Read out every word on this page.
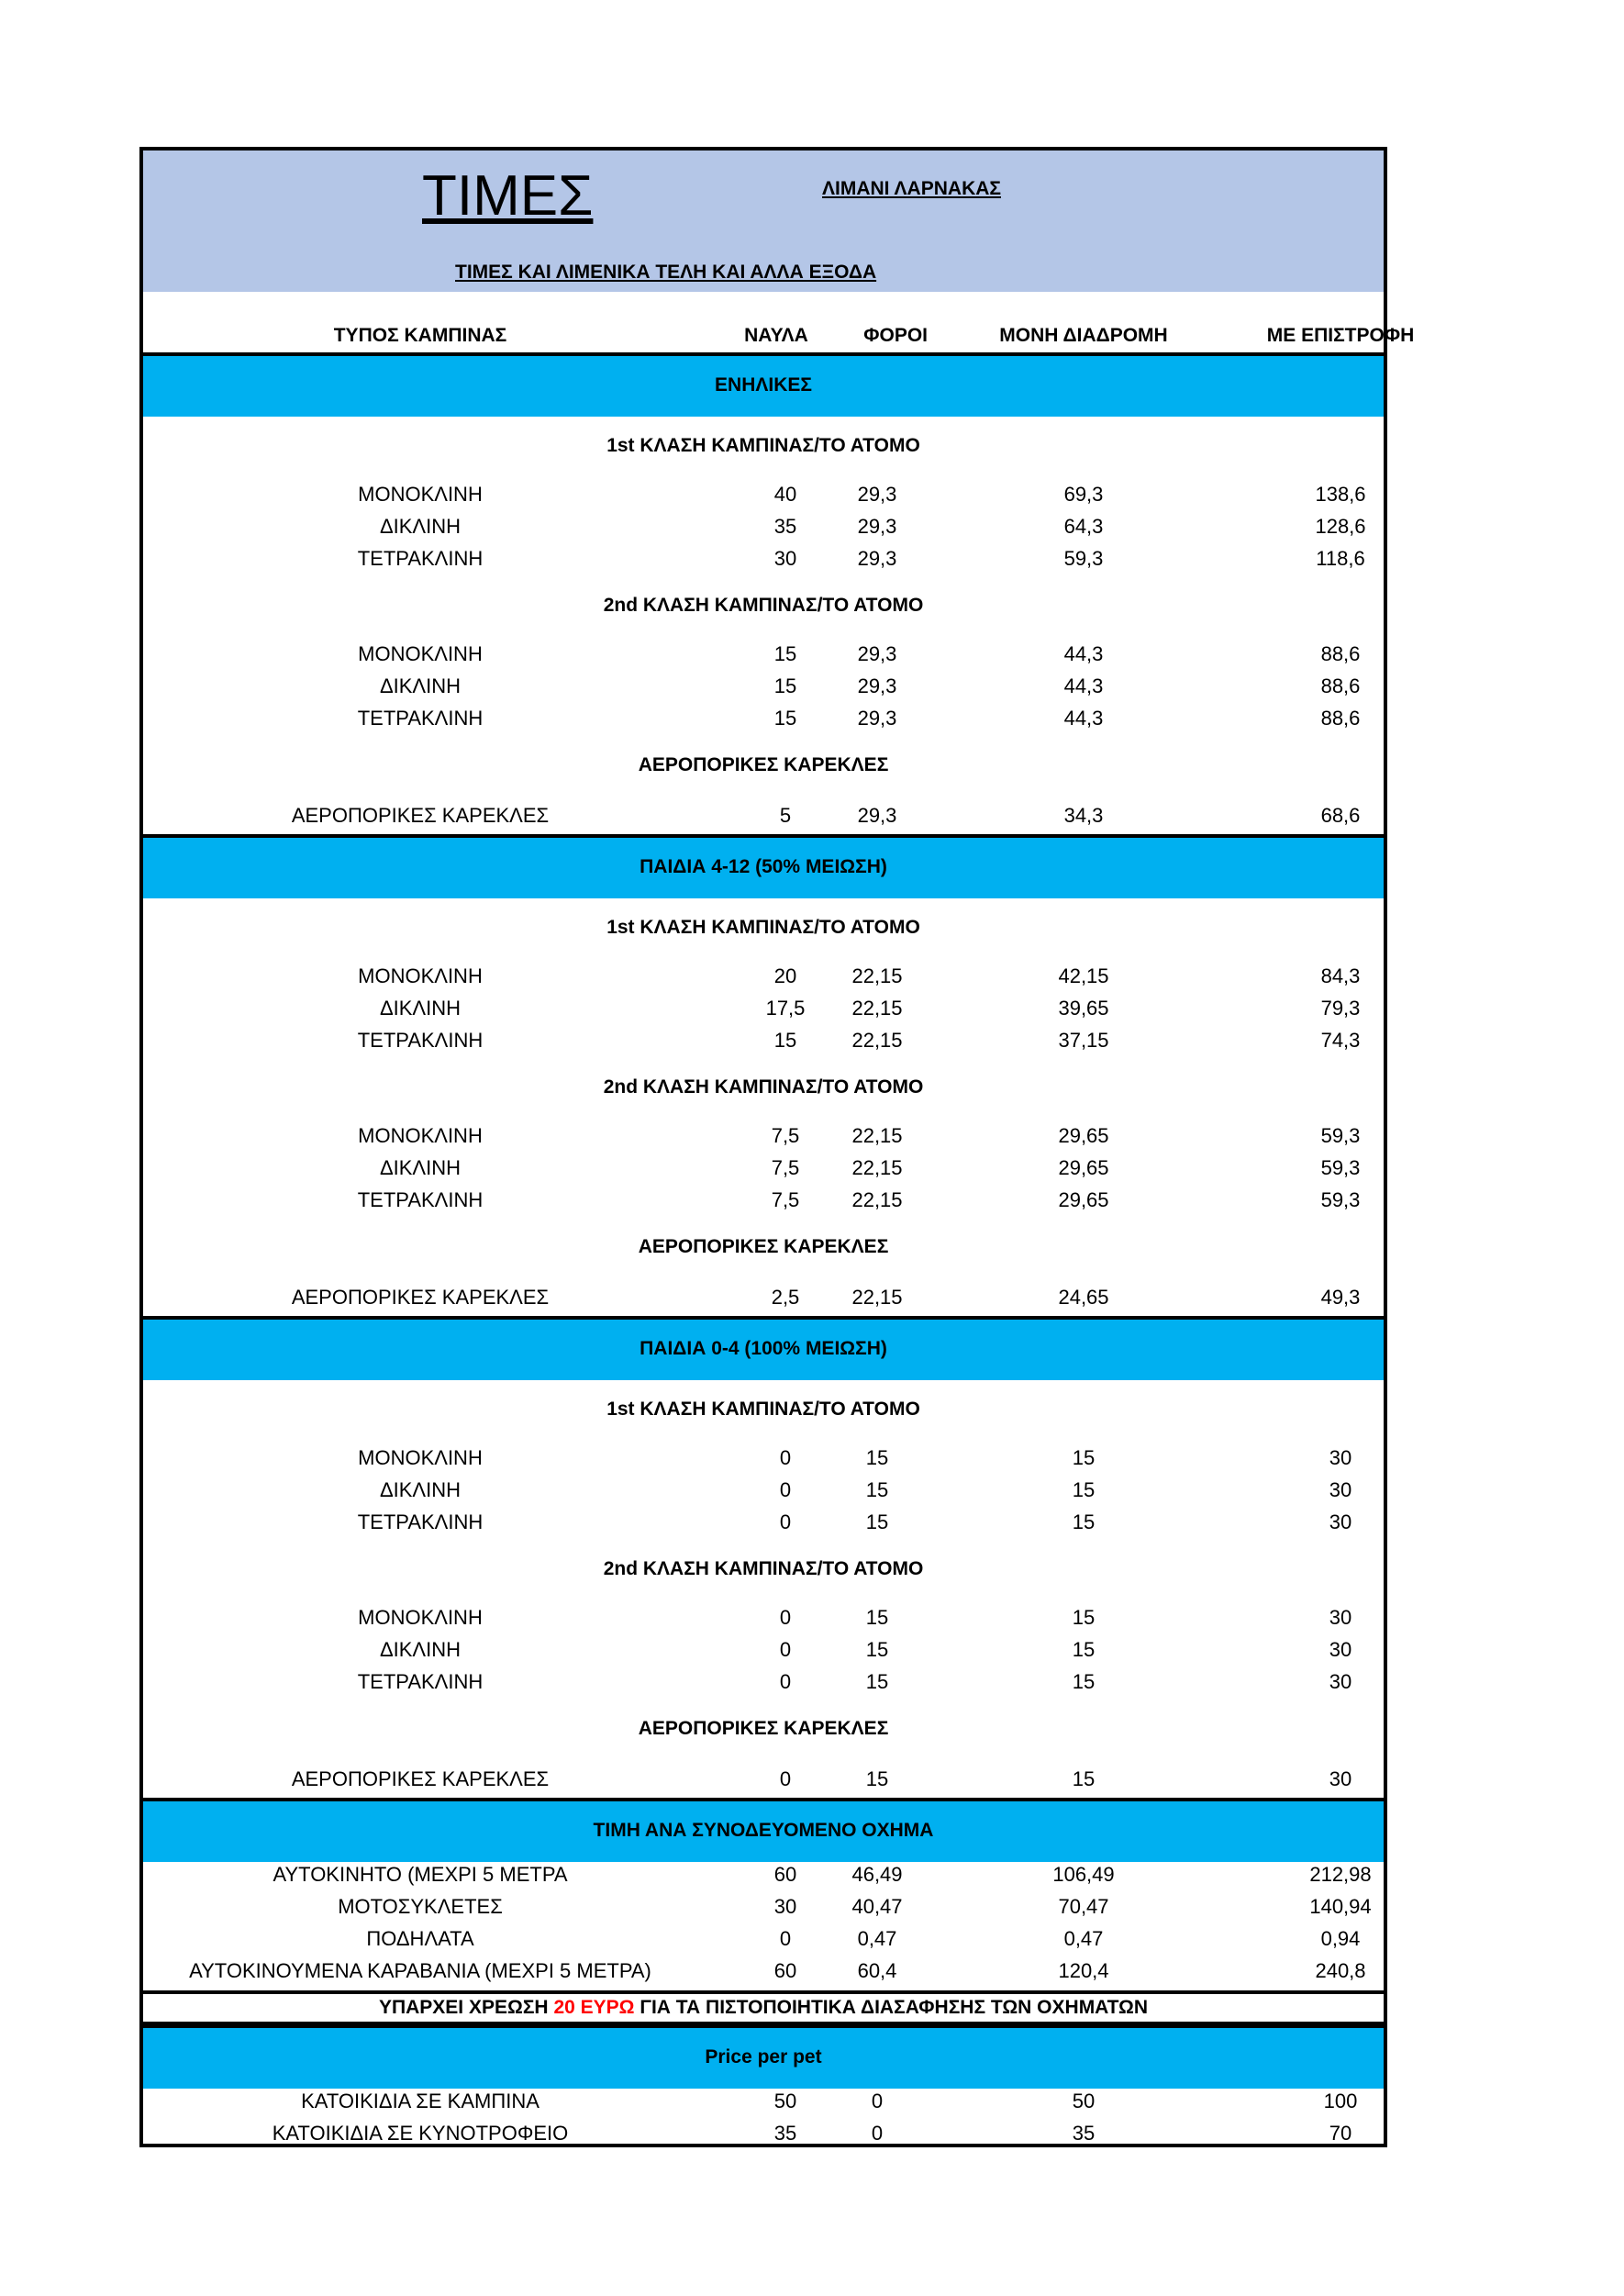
ΤΙΜΕΣ	ΛΙΜΑΝΙ ΛΑΡΝΑΚΑΣ
ΤΙΜΕΣ ΚΑΙ ΛΙΜΕΝΙΚΑ ΤΕΛΗ ΚΑΙ ΑΛΛΑ ΕΞΟΔΑ
ΤΥΠΟΣ ΚΑΜΠΙΝΑΣ	ΝΑΥΛΑ	ΦΟΡΟΙ	ΜΟΝΗ ΔΙΑΔΡΟΜΗ	ΜΕ ΕΠΙΣΤΡΟΦΗ
ΕΝΗΛΙΚΕΣ
1st ΚΛΑΣΗ ΚΑΜΠΙΝΑΣ/ΤΟ ΑΤΟΜΟ
ΜΟΝΟΚΛΙΝΗ	40	29,3	69,3	138,6
ΔΙΚΛΙΝΗ	35	29,3	64,3	128,6
ΤΕΤΡΑΚΛΙΝΗ	30	29,3	59,3	118,6
2nd ΚΛΑΣΗ ΚΑΜΠΙΝΑΣ/ΤΟ ΑΤΟΜΟ
ΜΟΝΟΚΛΙΝΗ	15	29,3	44,3	88,6
ΔΙΚΛΙΝΗ	15	29,3	44,3	88,6
ΤΕΤΡΑΚΛΙΝΗ	15	29,3	44,3	88,6
ΑΕΡΟΠΟΡΙΚΕΣ ΚΑΡΕΚΛΕΣ
ΑΕΡΟΠΟΡΙΚΕΣ ΚΑΡΕΚΛΕΣ	5	29,3	34,3	68,6
ΠΑΙΔΙΑ 4-12 (50% ΜΕΙΩΣΗ)
1st ΚΛΑΣΗ ΚΑΜΠΙΝΑΣ/ΤΟ ΑΤΟΜΟ
ΜΟΝΟΚΛΙΝΗ	20	22,15	42,15	84,3
ΔΙΚΛΙΝΗ	17,5	22,15	39,65	79,3
ΤΕΤΡΑΚΛΙΝΗ	15	22,15	37,15	74,3
2nd ΚΛΑΣΗ ΚΑΜΠΙΝΑΣ/ΤΟ ΑΤΟΜΟ
ΜΟΝΟΚΛΙΝΗ	7,5	22,15	29,65	59,3
ΔΙΚΛΙΝΗ	7,5	22,15	29,65	59,3
ΤΕΤΡΑΚΛΙΝΗ	7,5	22,15	29,65	59,3
ΑΕΡΟΠΟΡΙΚΕΣ ΚΑΡΕΚΛΕΣ
ΑΕΡΟΠΟΡΙΚΕΣ ΚΑΡΕΚΛΕΣ	2,5	22,15	24,65	49,3
ΠΑΙΔΙΑ 0-4 (100% ΜΕΙΩΣΗ)
1st ΚΛΑΣΗ ΚΑΜΠΙΝΑΣ/ΤΟ ΑΤΟΜΟ
ΜΟΝΟΚΛΙΝΗ	0	15	15	30
ΔΙΚΛΙΝΗ	0	15	15	30
ΤΕΤΡΑΚΛΙΝΗ	0	15	15	30
2nd ΚΛΑΣΗ ΚΑΜΠΙΝΑΣ/ΤΟ ΑΤΟΜΟ
ΜΟΝΟΚΛΙΝΗ	0	15	15	30
ΔΙΚΛΙΝΗ	0	15	15	30
ΤΕΤΡΑΚΛΙΝΗ	0	15	15	30
ΑΕΡΟΠΟΡΙΚΕΣ ΚΑΡΕΚΛΕΣ
ΑΕΡΟΠΟΡΙΚΕΣ ΚΑΡΕΚΛΕΣ	0	15	15	30
ΤΙΜΗ ΑΝΑ ΣΥΝΟΔΕΥΟΜΕΝΟ ΟΧΗΜΑ
ΑΥΤΟΚΙΝΗΤΟ (ΜΕΧΡΙ 5 ΜΕΤΡΑ	60	46,49	106,49	212,98
ΜΟΤΟΣΥΚΛΕΤΕΣ	30	40,47	70,47	140,94
ΠΟΔΗΛΑΤΑ	0	0,47	0,47	0,94
ΑΥΤΟΚΙΝΟΥΜΕΝΑ ΚΑΡΑΒΑΝΙΑ (ΜΕΧΡΙ 5 ΜΕΤΡΑ)	60	60,4	120,4	240,8
ΥΠΑΡΧΕΙ ΧΡΕΩΣΗ 20 ΕΥΡΩ ΓΙΑ ΤΑ ΠΙΣΤΟΠΟΙΗΤΙΚΑ ΔΙΑΣΑΦΗΣΗΣ ΤΩΝ ΟΧΗΜΑΤΩΝ
Price per pet
ΚΑΤΟΙΚΙΔΙΑ ΣΕ ΚΑΜΠΙΝΑ	50	0	50	100
ΚΑΤΟΙΚΙΔΙΑ ΣΕ ΚΥΝΟΤΡΟΦΕΙΟ	35	0	35	70
